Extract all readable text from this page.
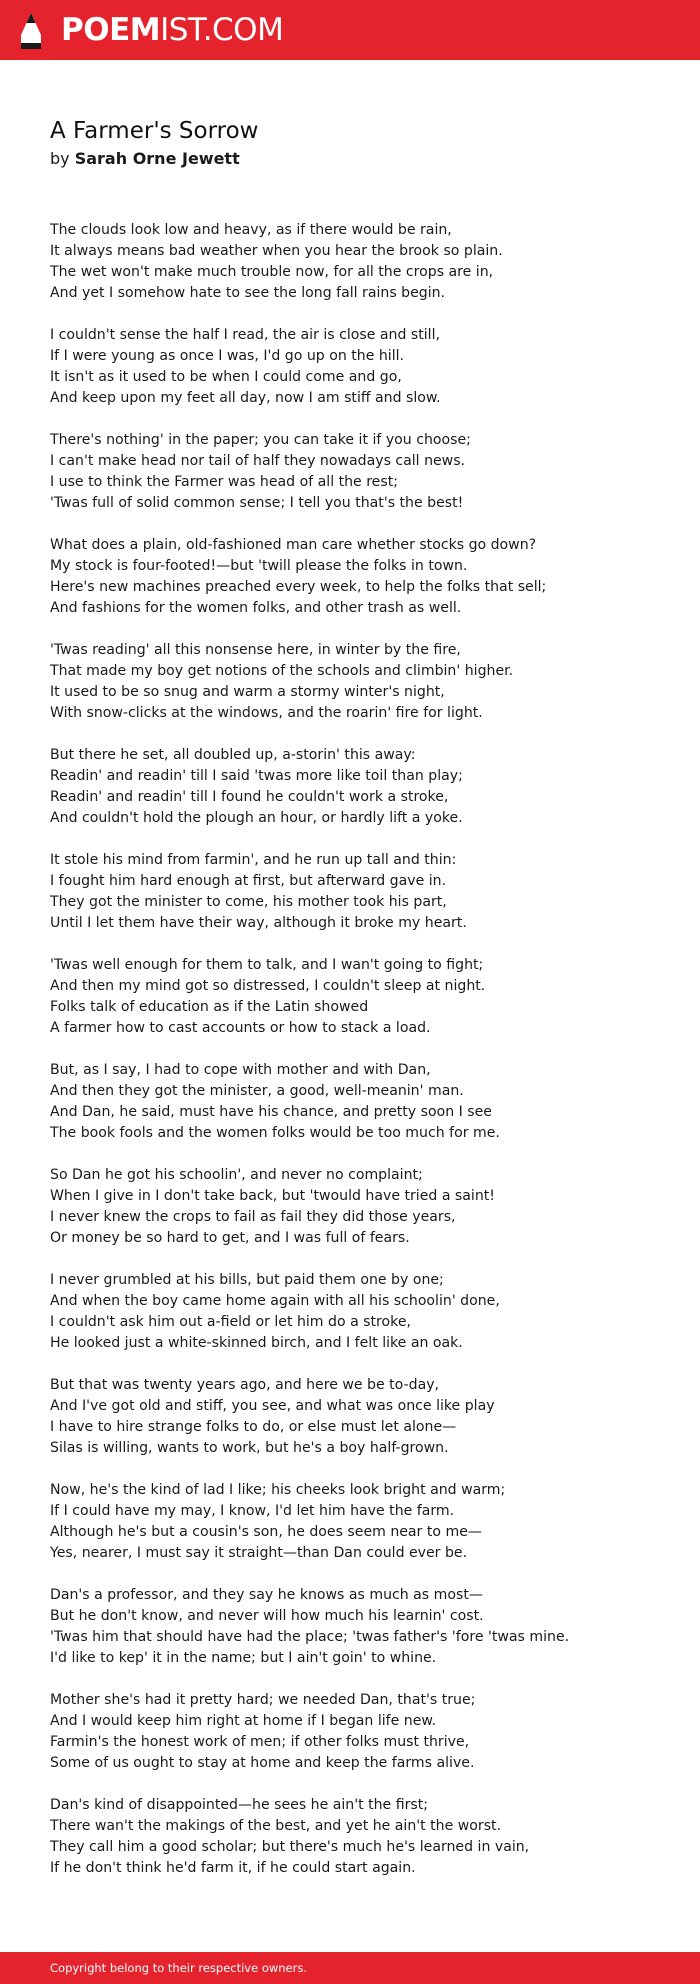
POEMIST.COM
A Farmer's Sorrow
by Sarah Orne Jewett
The clouds look low and heavy, as if there would be rain,
It always means bad weather when you hear the brook so plain.
The wet won't make much trouble now, for all the crops are in,
And yet I somehow hate to see the long fall rains begin.
I couldn't sense the half I read, the air is close and still,
If I were young as once I was, I'd go up on the hill.
It isn't as it used to be when I could come and go,
And keep upon my feet all day, now I am stiff and slow.
There's nothing' in the paper; you can take it if you choose;
I can't make head nor tail of half they nowadays call news.
I use to think the Farmer was head of all the rest;
'Twas full of solid common sense; I tell you that's the best!
What does a plain, old-fashioned man care whether stocks go down?
My stock is four-footed!—but 'twill please the folks in town.
Here's new machines preached every week, to help the folks that sell;
And fashions for the women folks, and other trash as well.
'Twas reading' all this nonsense here, in winter by the fire,
That made my boy get notions of the schools and climbin' higher.
It used to be so snug and warm a stormy winter's night,
With snow-clicks at the windows, and the roarin' fire for light.
But there he set, all doubled up, a-storin' this away:
Readin' and readin' till I said 'twas more like toil than play;
Readin' and readin' till I found he couldn't work a stroke,
And couldn't hold the plough an hour, or hardly lift a yoke.
It stole his mind from farmin', and he run up tall and thin:
I fought him hard enough at first, but afterward gave in.
They got the minister to come, his mother took his part,
Until I let them have their way, although it broke my heart.
'Twas well enough for them to talk, and I wan't going to fight;
And then my mind got so distressed, I couldn't sleep at night.
Folks talk of education as if the Latin showed
A farmer how to cast accounts or how to stack a load.
But, as I say, I had to cope with mother and with Dan,
And then they got the minister, a good, well-meanin' man.
And Dan, he said, must have his chance, and pretty soon I see
The book fools and the women folks would be too much for me.
So Dan he got his schoolin', and never no complaint;
When I give in I don't take back, but 'twould have tried a saint!
I never knew the crops to fail as fail they did those years,
Or money be so hard to get, and I was full of fears.
I never grumbled at his bills, but paid them one by one;
And when the boy came home again with all his schoolin' done,
I couldn't ask him out a-field or let him do a stroke,
He looked just a white-skinned birch, and I felt like an oak.
But that was twenty years ago, and here we be to-day,
And I've got old and stiff, you see, and what was once like play
I have to hire strange folks to do, or else must let alone—
Silas is willing, wants to work, but he's a boy half-grown.
Now, he's the kind of lad I like; his cheeks look bright and warm;
If I could have my may, I know, I'd let him have the farm.
Although he's but a cousin's son, he does seem near to me—
Yes, nearer, I must say it straight—than Dan could ever be.
Dan's a professor, and they say he knows as much as most—
But he don't know, and never will how much his learnin' cost.
'Twas him that should have had the place; 'twas father's 'fore 'twas mine.
I'd like to kep' it in the name; but I ain't goin' to whine.
Mother she's had it pretty hard; we needed Dan, that's true;
And I would keep him right at home if I began life new.
Farmin's the honest work of men; if other folks must thrive,
Some of us ought to stay at home and keep the farms alive.
Dan's kind of disappointed—he sees he ain't the first;
There wan't the makings of the best, and yet he ain't the worst.
They call him a good scholar; but there's much he's learned in vain,
If he don't think he'd farm it, if he could start again.
Copyright belong to their respective owners.
